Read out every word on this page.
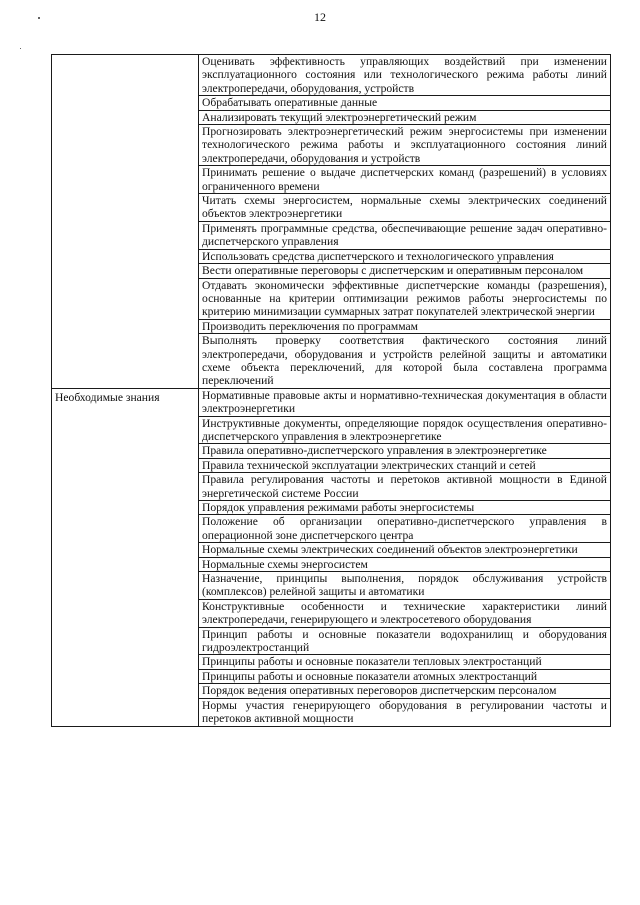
12
	Оценивать эффективность управляющих воздействий при изменении эксплуатационного состояния или технологического режима работы линий электропередачи, оборудования, устройств
	Обрабатывать оперативные данные
	Анализировать текущий электроэнергетический режим
	Прогнозировать электроэнергетический режим энергосистемы при изменении технологического режима работы и эксплуатационного состояния линий электропередачи, оборудования и устройств
	Принимать решение о выдаче диспетчерских команд (разрешений) в условиях ограниченного времени
	Читать схемы энергосистем, нормальные схемы электрических соединений объектов электроэнергетики
	Применять программные средства, обеспечивающие решение задач оперативно-диспетчерского управления
	Использовать средства диспетчерского и технологического управления
	Вести оперативные переговоры с диспетчерским и оперативным персоналом
	Отдавать экономически эффективные диспетчерские команды (разрешения), основанные на критерии оптимизации режимов работы энергосистемы по критерию минимизации суммарных затрат покупателей электрической энергии
	Производить переключения по программам
	Выполнять проверку соответствия фактического состояния линий электропередачи, оборудования и устройств релейной защиты и автоматики схеме объекта переключений, для которой была составлена программа переключений
Необходимые знания	Нормативные правовые акты и нормативно-техническая документация в области электроэнергетики
	Инструктивные документы, определяющие порядок осуществления оперативно-диспетчерского управления в электроэнергетике
	Правила оперативно-диспетчерского управления в электроэнергетике
	Правила технической эксплуатации электрических станций и сетей
	Правила регулирования частоты и перетоков активной мощности в Единой энергетической системе России
	Порядок управления режимами работы энергосистемы
	Положение об организации оперативно-диспетчерского управления в операционной зоне диспетчерского центра
	Нормальные схемы электрических соединений объектов электроэнергетики
	Нормальные схемы энергосистем
	Назначение, принципы выполнения, порядок обслуживания устройств (комплексов) релейной защиты и автоматики
	Конструктивные особенности и технические характеристики линий электропередачи, генерирующего и электросетевого оборудования
	Принцип работы и основные показатели водохранилищ и оборудования гидроэлектростанций
	Принципы работы и основные показатели тепловых электростанций
	Принципы работы и основные показатели атомных электростанций
	Порядок ведения оперативных переговоров диспетчерским персоналом
	Нормы участия генерирующего оборудования в регулировании частоты и перетоков активной мощности
